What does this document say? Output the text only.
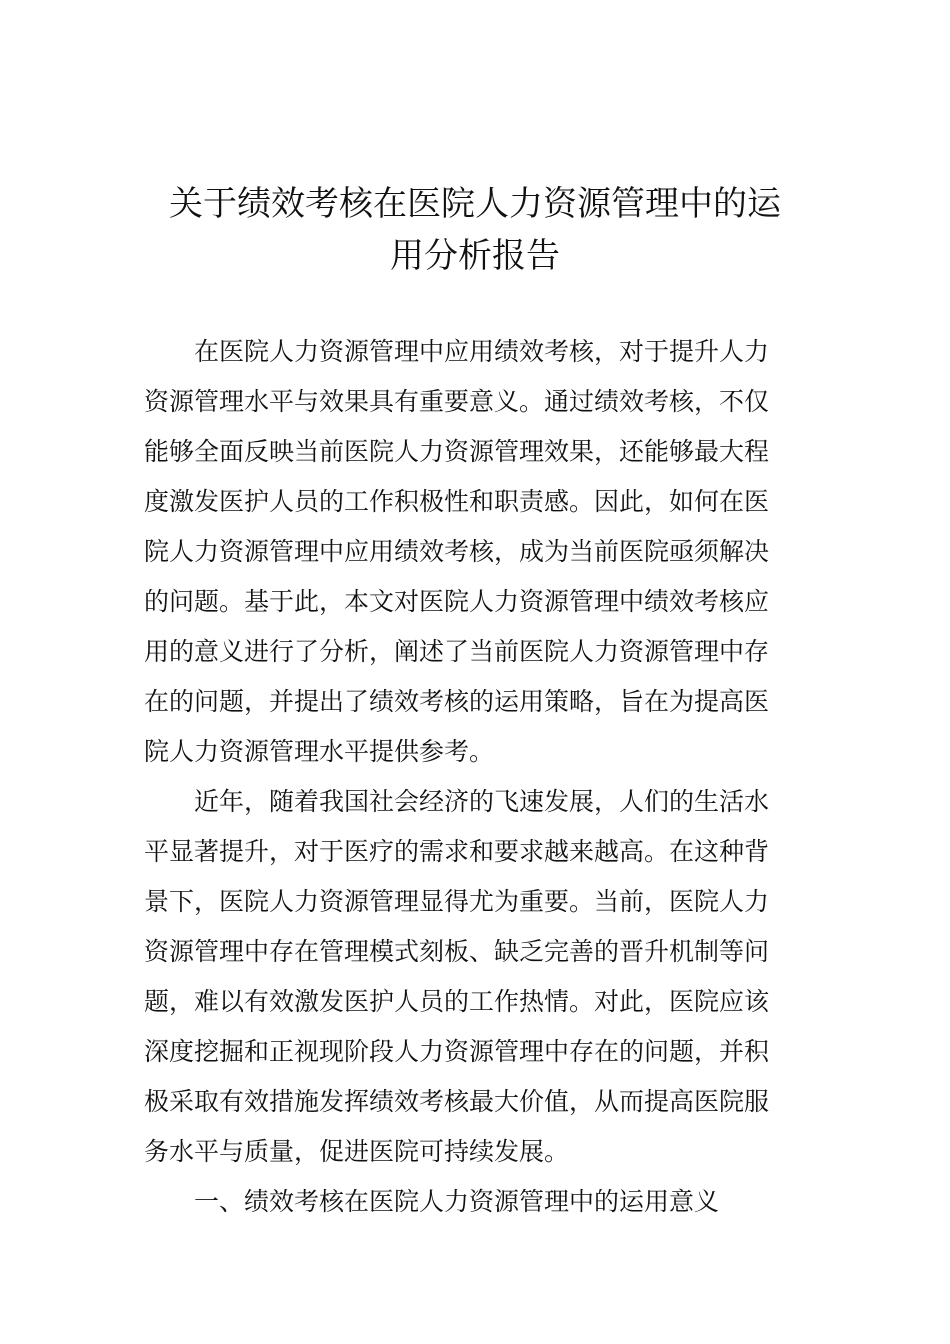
关于绩效考核在医院人力资源管理中的运
用分析报告

在医院人力资源管理中应用绩效考核，对于提升人力
资源管理水平与效果具有重要意义。通过绩效考核，不仅
能够全面反映当前医院人力资源管理效果，还能够最大程
度激发医护人员的工作积极性和职责感。因此，如何在医
院人力资源管理中应用绩效考核，成为当前医院亟须解决
的问题。基于此，本文对医院人力资源管理中绩效考核应
用的意义进行了分析，阐述了当前医院人力资源管理中存
在的问题，并提出了绩效考核的运用策略，旨在为提高医
院人力资源管理水平提供参考。

近年，随着我国社会经济的飞速发展，人们的生活水
平显著提升，对于医疗的需求和要求越来越高。在这种背
景下，医院人力资源管理显得尤为重要。当前，医院人力
资源管理中存在管理模式刻板、缺乏完善的晋升机制等问
题，难以有效激发医护人员的工作热情。对此，医院应该
深度挖掘和正视现阶段人力资源管理中存在的问题，并积
极采取有效措施发挥绩效考核最大价值，从而提高医院服
务水平与质量，促进医院可持续发展。

一、绩效考核在医院人力资源管理中的运用意义
